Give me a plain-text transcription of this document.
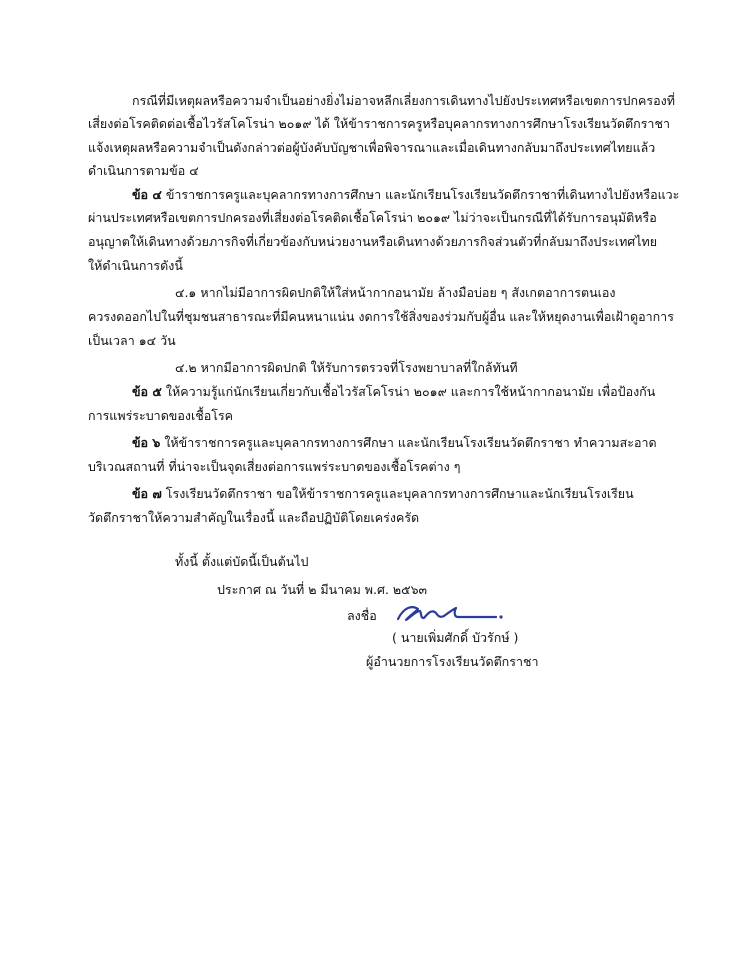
กรณีที่มีเหตุผลหรือความจำเป็นอย่างยิ่งไม่อาจหลีกเลี่ยงการเดินทางไปยังประเทศหรือเขตการปกครองที่
เสี่ยงต่อโรคติดต่อเชื้อไวรัสโคโรน่า ๒๐๑๙ ได้ ให้ข้าราชการครูหรือบุคลากรทางการศึกษาโรงเรียนวัดตึกราชา
แจ้งเหตุผลหรือความจำเป็นดังกล่าวต่อผู้บังคับบัญชาเพื่อพิจารณาและเมื่อเดินทางกลับมาถึงประเทศไทยแล้ว
ดำเนินการตามข้อ ๔
ข้อ ๔ ข้าราชการครูและบุคลากรทางการศึกษา และนักเรียนโรงเรียนวัดตึกราชาที่เดินทางไปยังหรือแวะ
ผ่านประเทศหรือเขตการปกครองที่เสี่ยงต่อโรคติดเชื้อโคโรน่า ๒๐๑๙ ไม่ว่าจะเป็นกรณีที่ได้รับการอนุมัติหรือ
อนุญาตให้เดินทางด้วยภารกิจที่เกี่ยวข้องกับหน่วยงานหรือเดินทางด้วยภารกิจส่วนตัวที่กลับมาถึงประเทศไทย
ให้ดำเนินการดังนี้
๔.๑ หากไม่มีอาการผิดปกติให้ใส่หน้ากากอนามัย ล้างมือบ่อย ๆ สังเกตอาการตนเอง
ควรงดออกไปในที่ชุมชนสาธารณะที่มีคนหนาแน่น งดการใช้สิ่งของร่วมกับผู้อื่น และให้หยุดงานเพื่อเฝ้าดูอาการ
เป็นเวลา ๑๔ วัน
๔.๒ หากมีอาการผิดปกติ ให้รับการตรวจที่โรงพยาบาลที่ใกล้ทันที
ข้อ ๕ ให้ความรู้แก่นักเรียนเกี่ยวกับเชื้อไวรัสโคโรน่า ๒๐๑๙ และการใช้หน้ากากอนามัย เพื่อป้องกัน
การแพร่ระบาดของเชื้อโรค
ข้อ ๖ ให้ข้าราชการครูและบุคลากรทางการศึกษา และนักเรียนโรงเรียนวัดตึกราชา ทำความสะอาด
บริเวณสถานที่ ที่น่าจะเป็นจุดเสี่ยงต่อการแพร่ระบาดของเชื้อโรคต่าง ๆ
ข้อ ๗ โรงเรียนวัดตึกราชา ขอให้ข้าราชการครูและบุคลากรทางการศึกษาและนักเรียนโรงเรียน
วัดตึกราชาให้ความสำคัญในเรื่องนี้ และถือปฏิบัติโดยเคร่งครัด
ทั้งนี้ ตั้งแต่บัดนี้เป็นต้นไป
ประกาศ ณ วันที่ ๒ มีนาคม พ.ศ. ๒๕๖๓
ลงชื่อ
( นายเพิ่มศักดิ์ บัวรักษ์ )
ผู้อำนวยการโรงเรียนวัดตึกราชา
